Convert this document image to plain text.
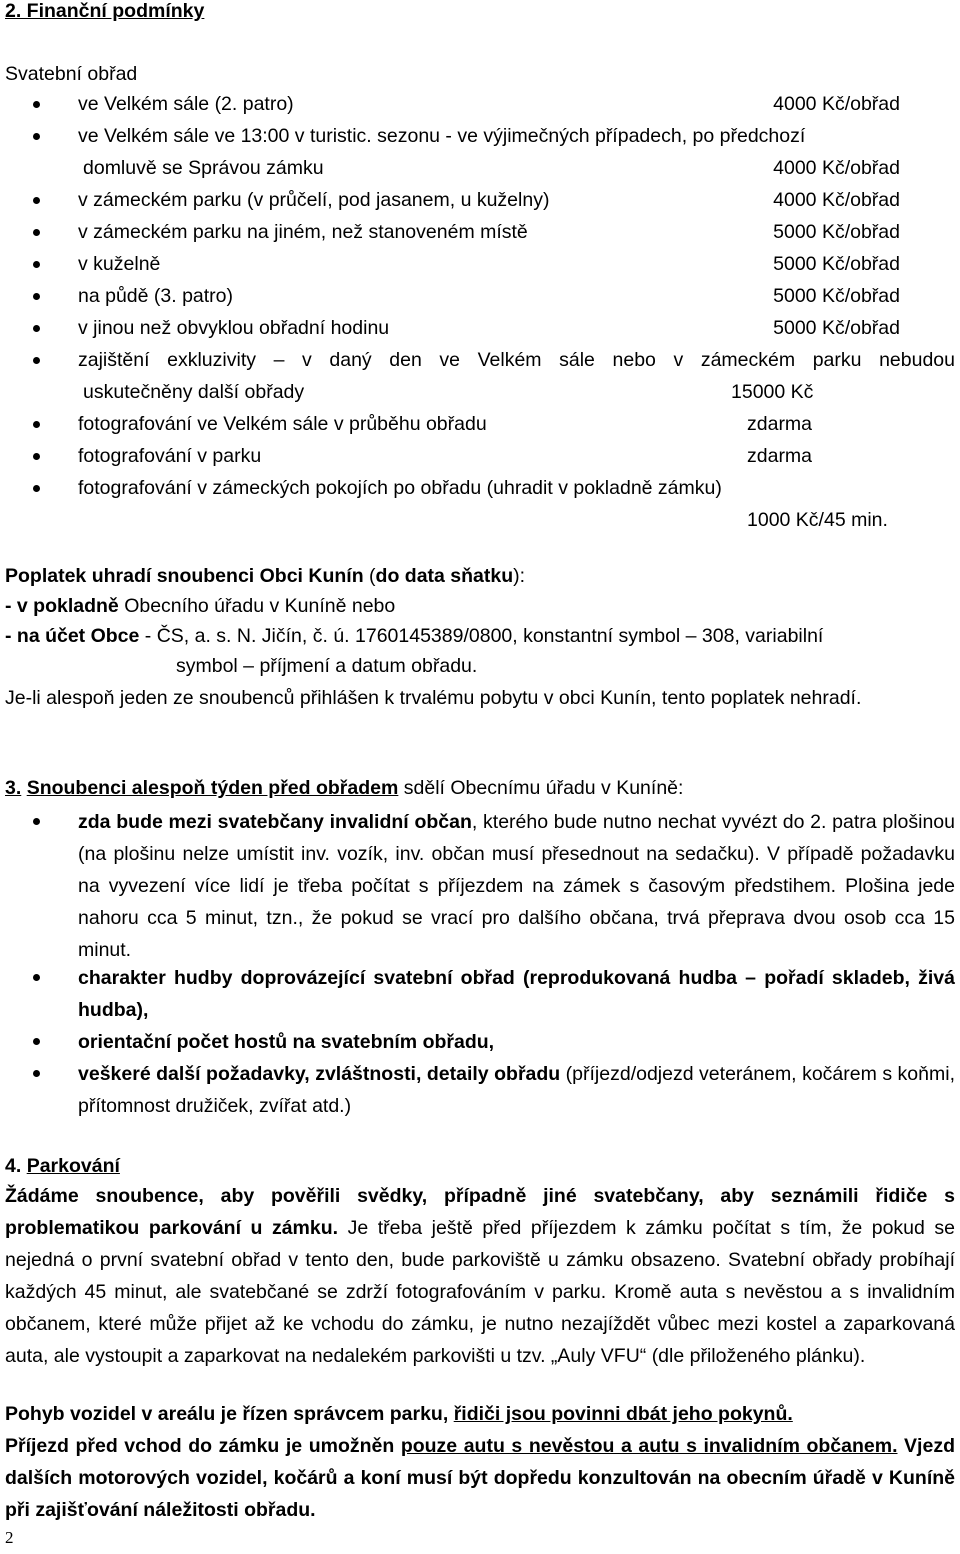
2. Finanční podmínky
Svatební obřad
ve Velkém sále (2. patro)	4000 Kč/obřad
ve Velkém sále ve 13:00 v turistic. sezonu - ve výjimečných případech, po předchozí
domluvě se Správou zámku	4000 Kč/obřad
v zámeckém parku (v průčelí, pod jasanem, u kuželny)	4000 Kč/obřad
v zámeckém parku na jiném, než stanoveném místě	5000 Kč/obřad
v kuželně	5000 Kč/obřad
na půdě (3. patro)	5000 Kč/obřad
v jinou než obvyklou obřadní hodinu	5000 Kč/obřad
zajištění exkluzivity – v daný den ve Velkém sále nebo v zámeckém parku nebudou
uskutečněny další obřady	15000 Kč
fotografování ve Velkém sále v průběhu obřadu	zdarma
fotografování v parku	zdarma
fotografování v zámeckých pokojích po obřadu (uhradit v pokladně zámku)
1000 Kč/45 min.
Poplatek uhradí snoubenci Obci Kunín (do data sňatku):
- v pokladně Obecního úřadu v Kuníně nebo
- na účet Obce - ČS, a. s. N. Jičín, č. ú. 1760145389/0800, konstantní symbol – 308, variabilní
symbol – příjmení a datum obřadu.
Je-li alespoň jeden ze snoubenců přihlášen k trvalému pobytu v obci Kunín, tento poplatek nehradí.
3. Snoubenci alespoň týden před obřadem sdělí Obecnímu úřadu v Kuníně:
zda bude mezi svatebčany invalidní občan, kterého bude nutno nechat vyvézt do 2. patra plošinou (na plošinu nelze umístit inv. vozík, inv. občan musí přesednout na sedačku). V případě požadavku na vyvezení více lidí je třeba počítat s příjezdem na zámek s časovým předstihem. Plošina jede nahoru cca 5 minut, tzn., že pokud se vrací pro dalšího občana, trvá přeprava dvou osob cca 15 minut.
charakter hudby doprovázející svatební obřad (reprodukovaná hudba – pořadí skladeb, živá hudba),
orientační počet hostů na svatebním obřadu,
veškeré další požadavky, zvláštnosti, detaily obřadu (příjezd/odjezd veteránem, kočárem s koňmi, přítomnost družiček, zvířat atd.)
4. Parkování
Žádáme snoubence, aby pověřili svědky, případně jiné svatebčany, aby seznámili řidiče s problematikou parkování u zámku. Je třeba ještě před příjezdem k zámku počítat s tím, že pokud se nejedná o první svatební obřad v tento den, bude parkoviště u zámku obsazeno. Svatební obřady probíhají každých 45 minut, ale svatebčané se zdrží fotografováním v parku. Kromě auta s nevěstou a s invalidním občanem, které může přijet až ke vchodu do zámku, je nutno nezajíždět vůbec mezi kostel a zaparkovaná auta, ale vystoupit a zaparkovat na nedalekém parkovišti u tzv. „Auly VFU“ (dle přiloženého plánku).
Pohyb vozidel v areálu je řízen správcem parku, řidiči jsou povinni dbát jeho pokynů.
Příjezd před vchod do zámku je umožněn pouze autu s nevěstou a autu s invalidním občanem. Vjezd dalších motorových vozidel, kočárů a koní musí být dopředu konzultován na obecním úřadě v Kuníně při zajišťování náležitosti obřadu.
2
